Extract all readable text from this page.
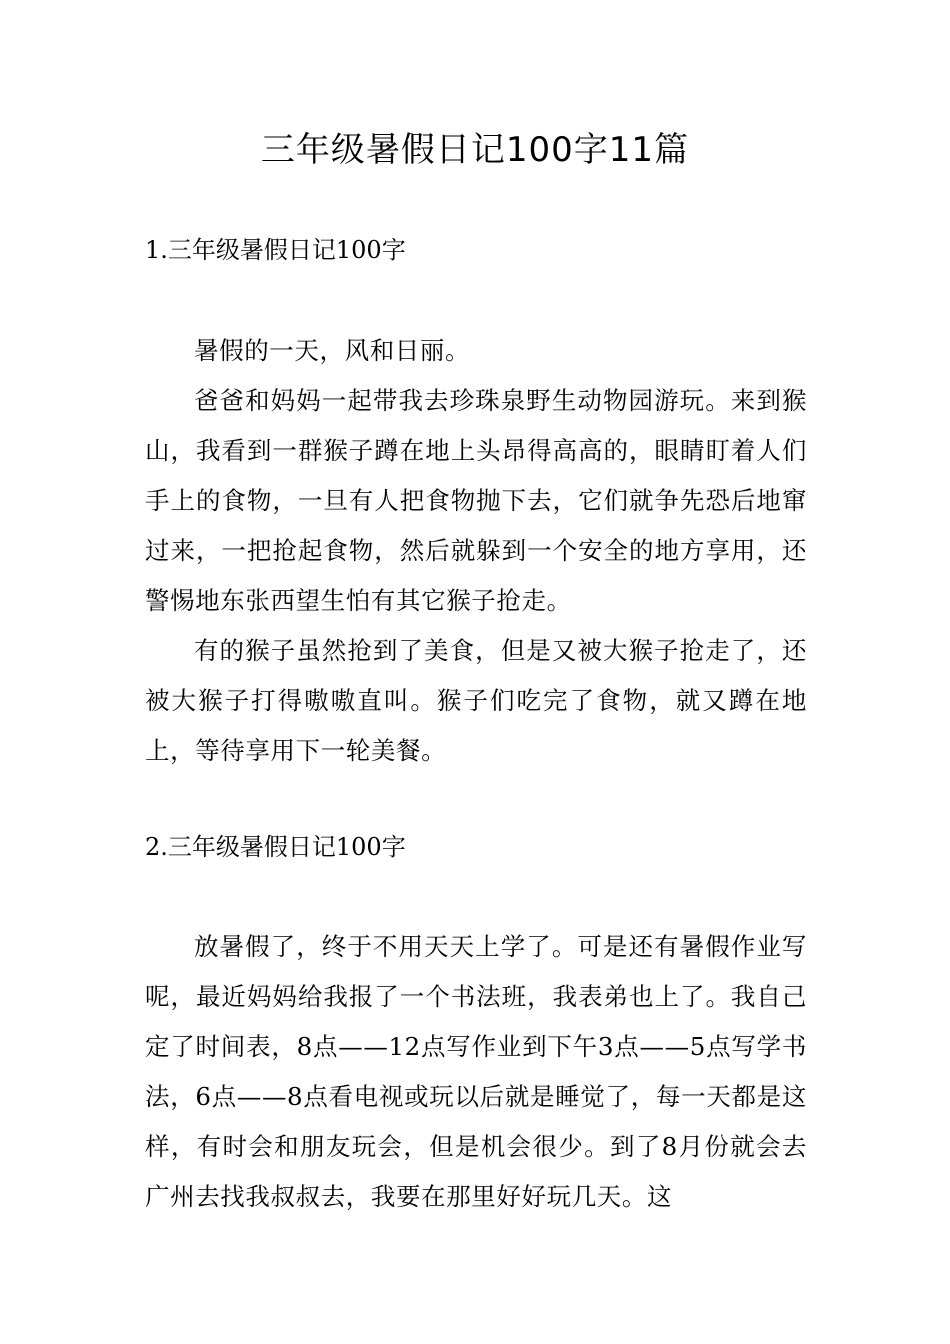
三年级暑假日记100字11篇
1.三年级暑假日记100字

暑假的一天，风和日丽。

爸爸和妈妈一起带我去珍珠泉野生动物园游玩。来到猴山，我看到一群猴子蹲在地上头昂得高高的，眼睛盯着人们手上的食物，一旦有人把食物抛下去，它们就争先恐后地窜过来，一把抢起食物，然后就躲到一个安全的地方享用，还警惕地东张西望生怕有其它猴子抢走。

有的猴子虽然抢到了美食，但是又被大猴子抢走了，还被大猴子打得嗷嗷直叫。猴子们吃完了食物，就又蹲在地上，等待享用下一轮美餐。

2.三年级暑假日记100字

放暑假了，终于不用天天上学了。可是还有暑假作业写呢，最近妈妈给我报了一个书法班，我表弟也上了。我自己定了时间表，8点——12点写作业到下午3点——5点写学书法，6点——8点看电视或玩以后就是睡觉了，每一天都是这样，有时会和朋友玩会，但是机会很少。到了8月份就会去广州去找我叔叔去，我要在那里好好玩几天。这
